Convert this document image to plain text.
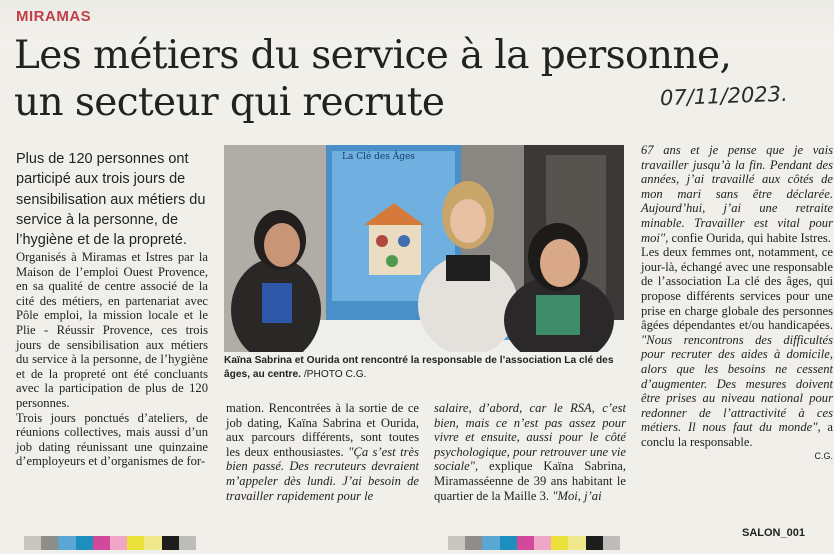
MIRAMAS
Les métiers du service à la personne,
un secteur qui recrute	07/11/2023.
Plus de 120 personnes ont participé aux trois jours de sensibilisation aux métiers du service à la personne, de l’hygiène et de la propreté.
Organisés à Miramas et Istres par la Maison de l’emploi Ouest Provence, en sa qualité de centre associé de la cité des métiers, en partenariat avec Pôle emploi, la mission locale et le Plie - Réussir Provence, ces trois jours de sensibilisation aux métiers du service à la personne, de l’hygiène et de la propreté ont été concluants avec la participation de plus de 120 personnes.
Trois jours ponctués d’ateliers, de réunions collectives, mais aussi d’un job dating réunissant une quinzaine d’employeurs et d’organismes de for-
mation. Rencontrées à la sortie de ce job dating, Kaïna Sabrina et Ourida, aux parcours différents, sont toutes les deux enthousiastes. "Ça s’est très bien passé. Des recruteurs devraient m’appeler dès lundi. J’ai besoin de travailler rapidement pour le
salaire, d’abord, car le RSA, c’est bien, mais ce n’est pas assez pour vivre et ensuite, aussi pour le côté psychologique, pour retrouver une vie sociale", explique Kaïna Sabrina, Miramasséenne de 39 ans habitant le quartier de la Maille 3. "Moi, j’ai
67 ans et je pense que je vais travailler jusqu’à la fin. Pendant des années, j’ai travaillé aux côtés de mon mari sans être déclarée. Aujourd’hui, j’ai une retraite minable. Travailler est vital pour moi", confie Ourida, qui habite Istres.
Les deux femmes ont, notamment, ce jour-là, échangé avec une responsable de l’association La clé des âges, qui propose différents services pour une prise en charge globale des personnes âgées dépendantes et/ou handicapées. "Nous rencontrons des difficultés pour recruter des aides à domicile, alors que les besoins ne cessent d’augmenter. Des mesures doivent être prises au niveau national pour redonner de l’attractivité à ces métiers. Il nous faut du monde", a conclu la responsable.
C.G.
La Clé des Âges
Kaïna Sabrina et Ourida ont rencontré la responsable de l’association La clé des âges, au centre. /PHOTO C.G.
SALON_001
